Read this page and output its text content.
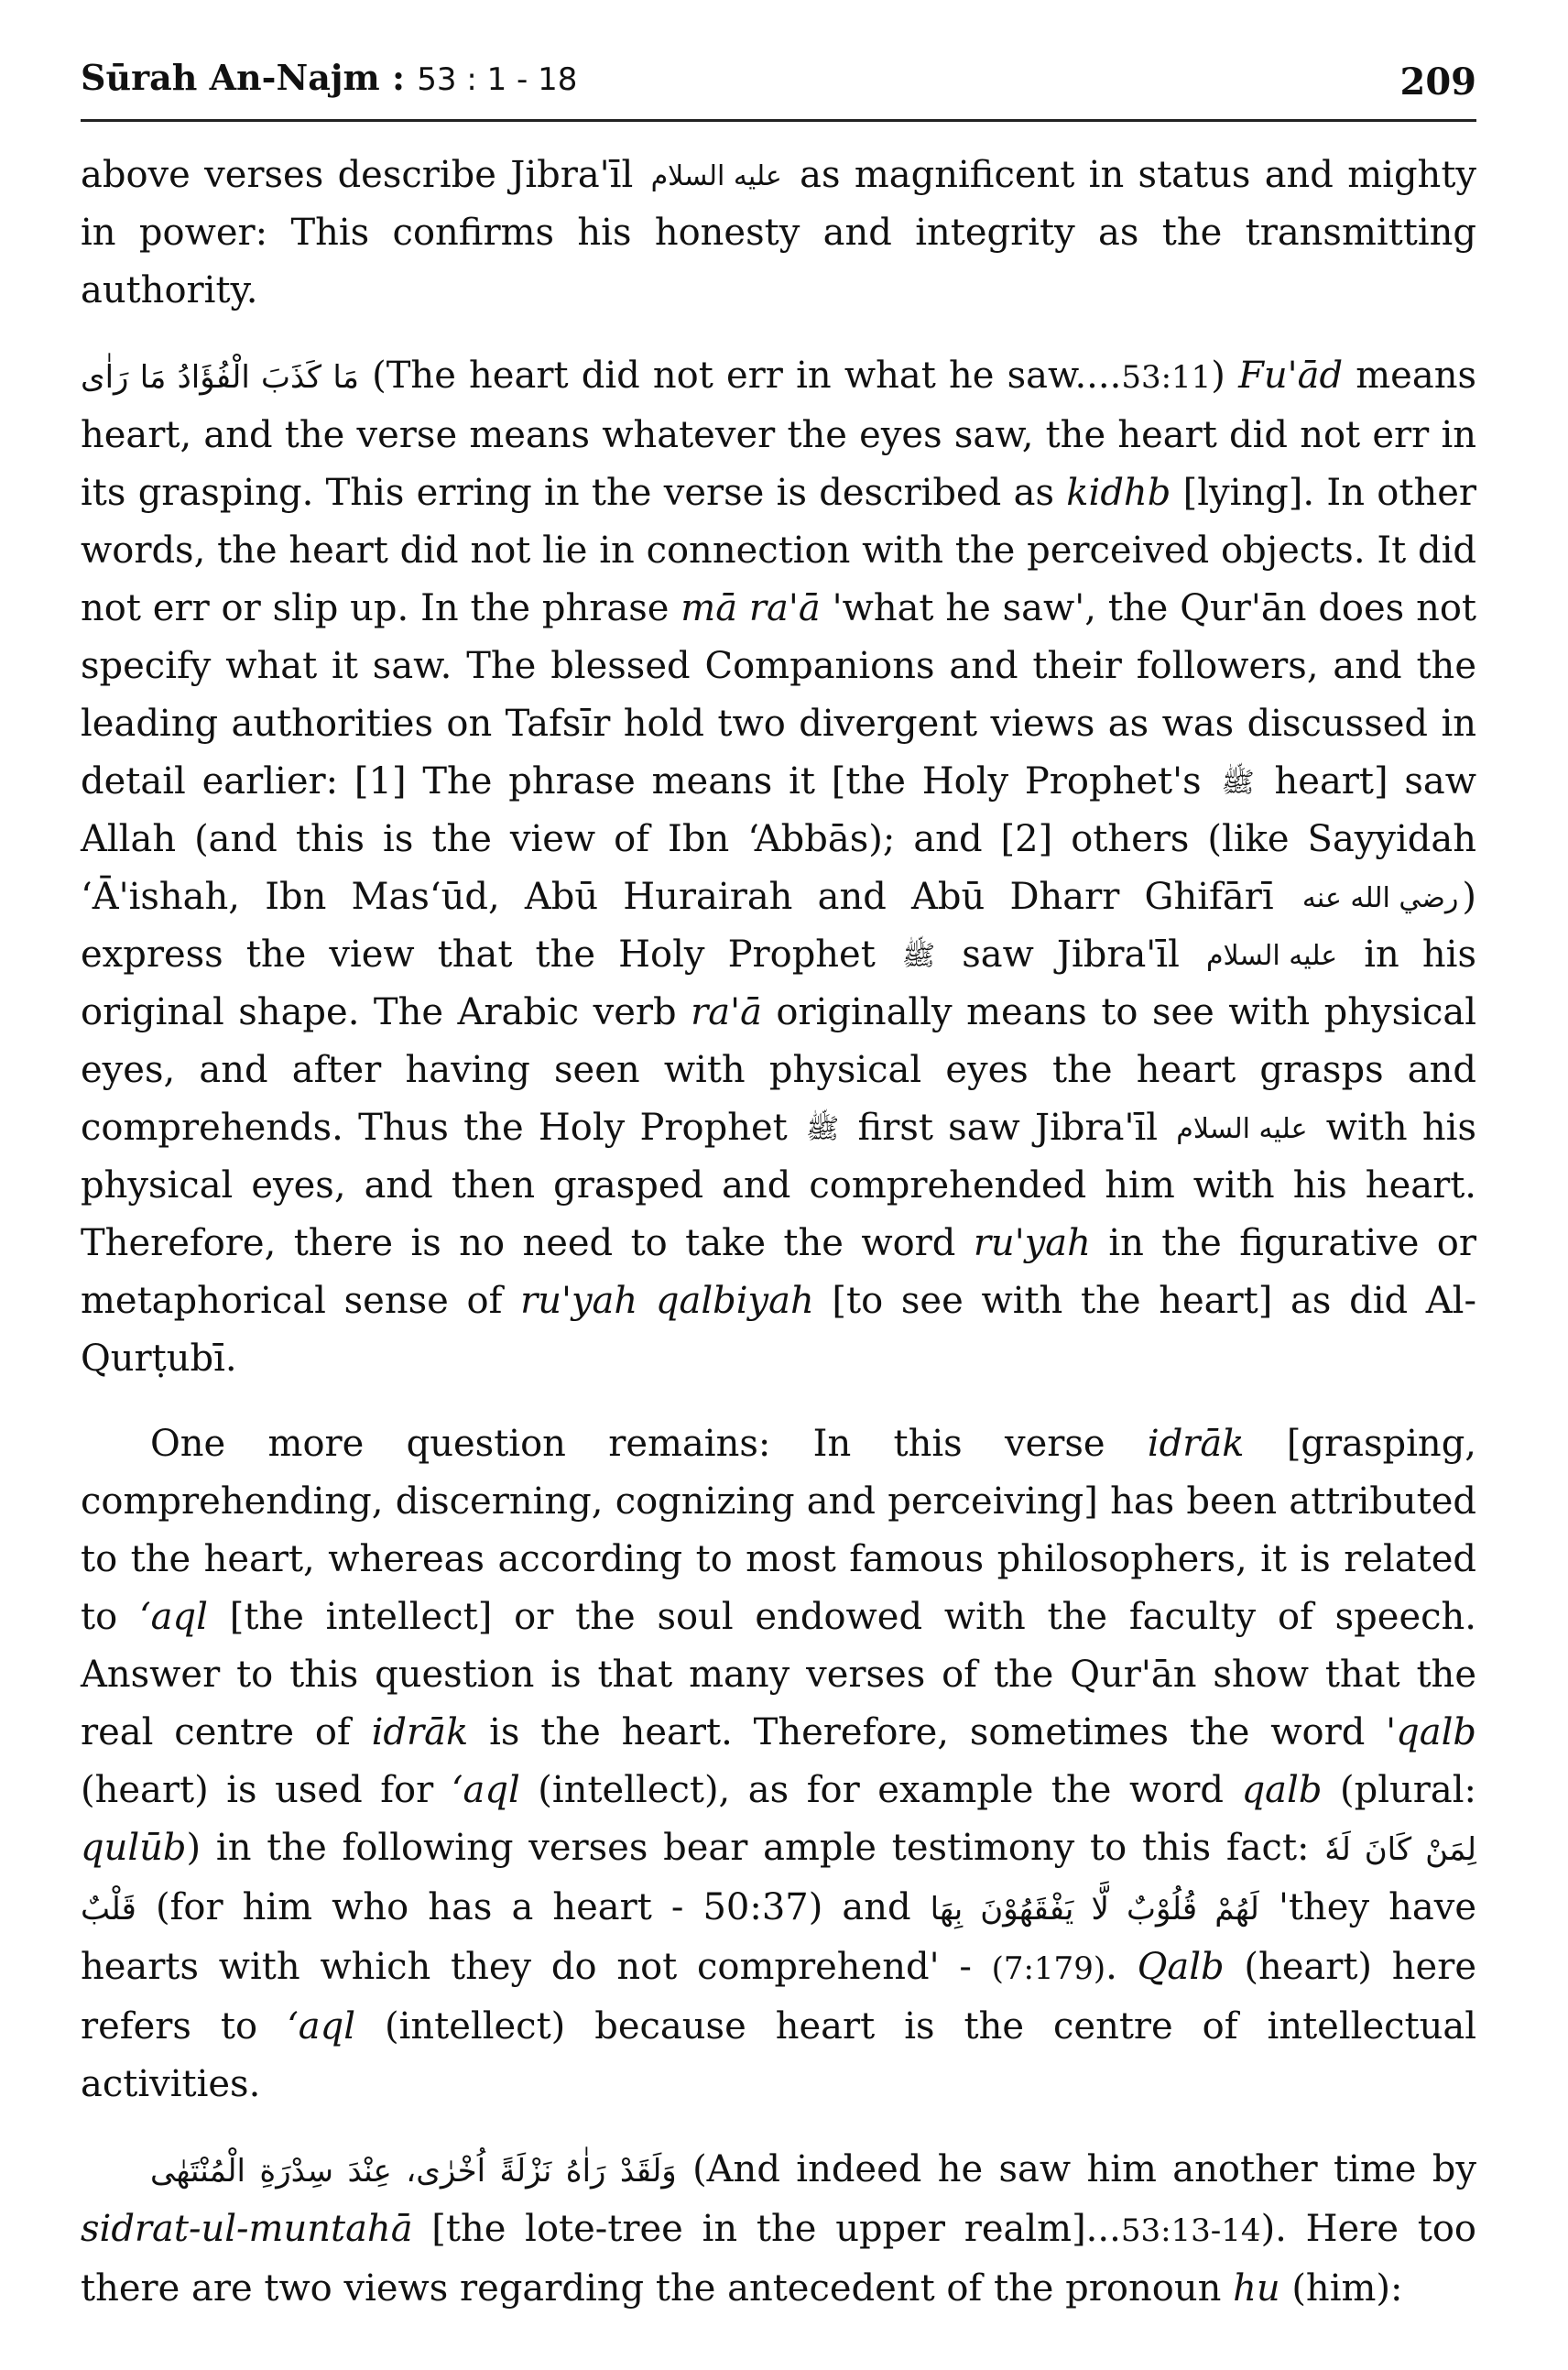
Sūrah An-Najm : 53 : 1 - 18	209

above verses describe Jibra'īl عليه السلام as magnificent in status and mighty in power: This confirms his honesty and integrity as the transmitting authority.

مَا كَذَبَ الْفُؤَادُ مَا رَاٰى (The heart did not err in what he saw....53:11) Fu'ād means heart, and the verse means whatever the eyes saw, the heart did not err in its grasping. This erring in the verse is described as kidhb [lying]. In other words, the heart did not lie in connection with the perceived objects. It did not err or slip up. In the phrase mā ra'ā 'what he saw', the Qur'ān does not specify what it saw. The blessed Companions and their followers, and the leading authorities on Tafsīr hold two divergent views as was discussed in detail earlier: [1] The phrase means it [the Holy Prophet's ﷺ heart] saw Allah (and this is the view of Ibn ‘Abbās); and [2] others (like Sayyidah ‘Ā'ishah, Ibn Mas‘ūd, Abū Hurairah and Abū Dharr Ghifārī رضي الله عنه ) express the view that the Holy Prophet ﷺ saw Jibra'īl عليه السلام in his original shape. The Arabic verb ra'ā originally means to see with physical eyes, and after having seen with physical eyes the heart grasps and comprehends. Thus the Holy Prophet ﷺ first saw Jibra'īl عليه السلام with his physical eyes, and then grasped and comprehended him with his heart. Therefore, there is no need to take the word ru'yah in the figurative or metaphorical sense of ru'yah qalbiyah [to see with the heart] as did Al-Qurṭubī.

One more question remains: In this verse idrāk [grasping, comprehending, discerning, cognizing and perceiving] has been attributed to the heart, whereas according to most famous philosophers, it is related to ‘aql [the intellect] or the soul endowed with the faculty of speech. Answer to this question is that many verses of the Qur'ān show that the real centre of idrāk is the heart. Therefore, sometimes the word 'qalb (heart) is used for ‘aql (intellect), as for example the word qalb (plural: qulūb) in the following verses bear ample testimony to this fact: لِمَنْ كَانَ لَهٗ قَلْبٌ (for him who has a heart - 50:37) and لَهُمْ قُلُوْبٌ لَّا يَفْقَهُوْنَ بِهَا 'they have hearts with which they do not comprehend' - (7:179). Qalb (heart) here refers to ‘aql (intellect) because heart is the centre of intellectual activities.

وَلَقَدْ رَاٰهُ نَزْلَةً اُخْرٰى، عِنْدَ سِدْرَةِ الْمُنْتَهٰى (And indeed he saw him another time by sidrat-ul-muntahā [the lote-tree in the upper realm]...53:13-14). Here too there are two views regarding the antecedent of the pronoun hu (him):
